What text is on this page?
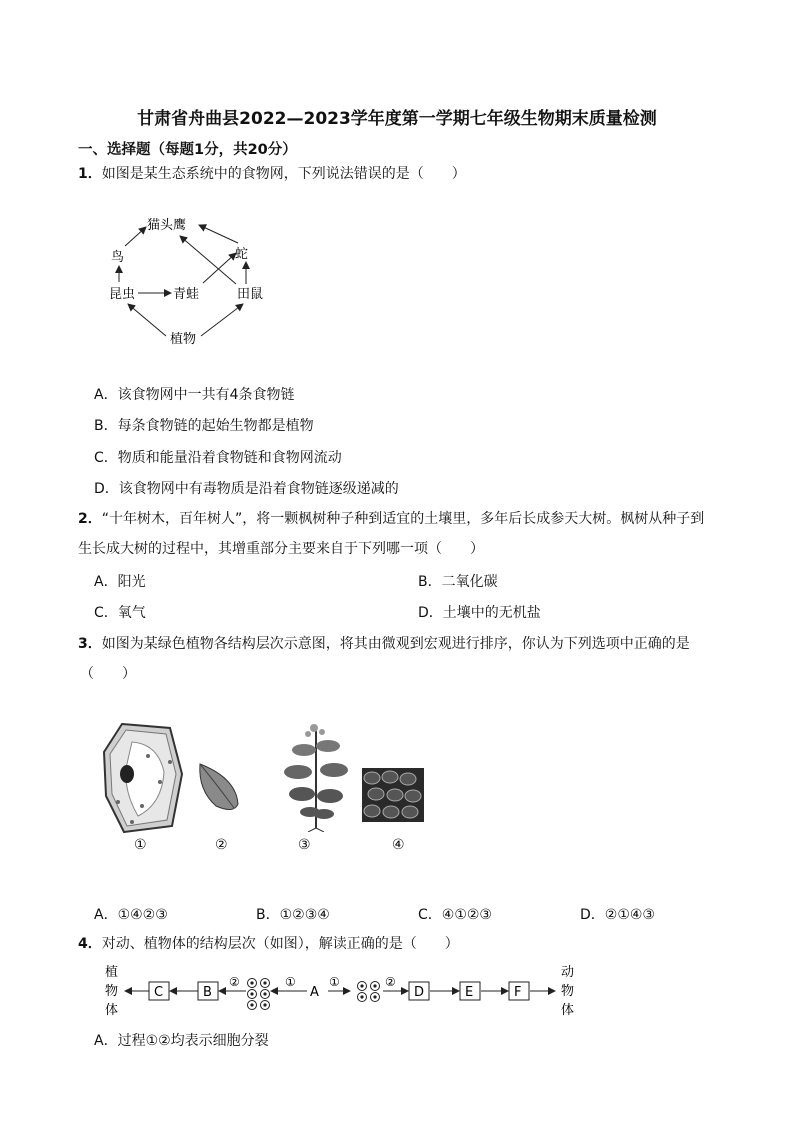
甘肃省舟曲县2022—2023学年度第一学期七年级生物期末质量检测
一、选择题（每题1分，共20分）
1．如图是某生态系统中的食物网，下列说法错误的是（　　）
猫头鹰
鸟	蛇
昆虫	青蛙	田鼠
植物
A．该食物网中一共有4条食物链
B．每条食物链的起始生物都是植物
C．物质和能量沿着食物链和食物网流动
D．该食物网中有毒物质是沿着食物链逐级递减的
2．“十年树木，百年树人”，将一颗枫树种子种到适宜的土壤里，多年后长成参天大树。枫树从种子到
生长成大树的过程中，其增重部分主要来自于下列哪一项（　　）
A．阳光	B．二氧化碳
C．氧气	D．土壤中的无机盐
3．如图为某绿色植物各结构层次示意图，将其由微观到宏观进行排序，你认为下列选项中正确的是
（　　）
①	②	③	④
A．①④②③	B．①②③④	C．④①②③	D．②①④③
4．对动、植物体的结构层次（如图），解读正确的是（　　）
植
物
体
C	B	A	D	E	F
②	①	①	②
动
物
体
A．过程①②均表示细胞分裂
